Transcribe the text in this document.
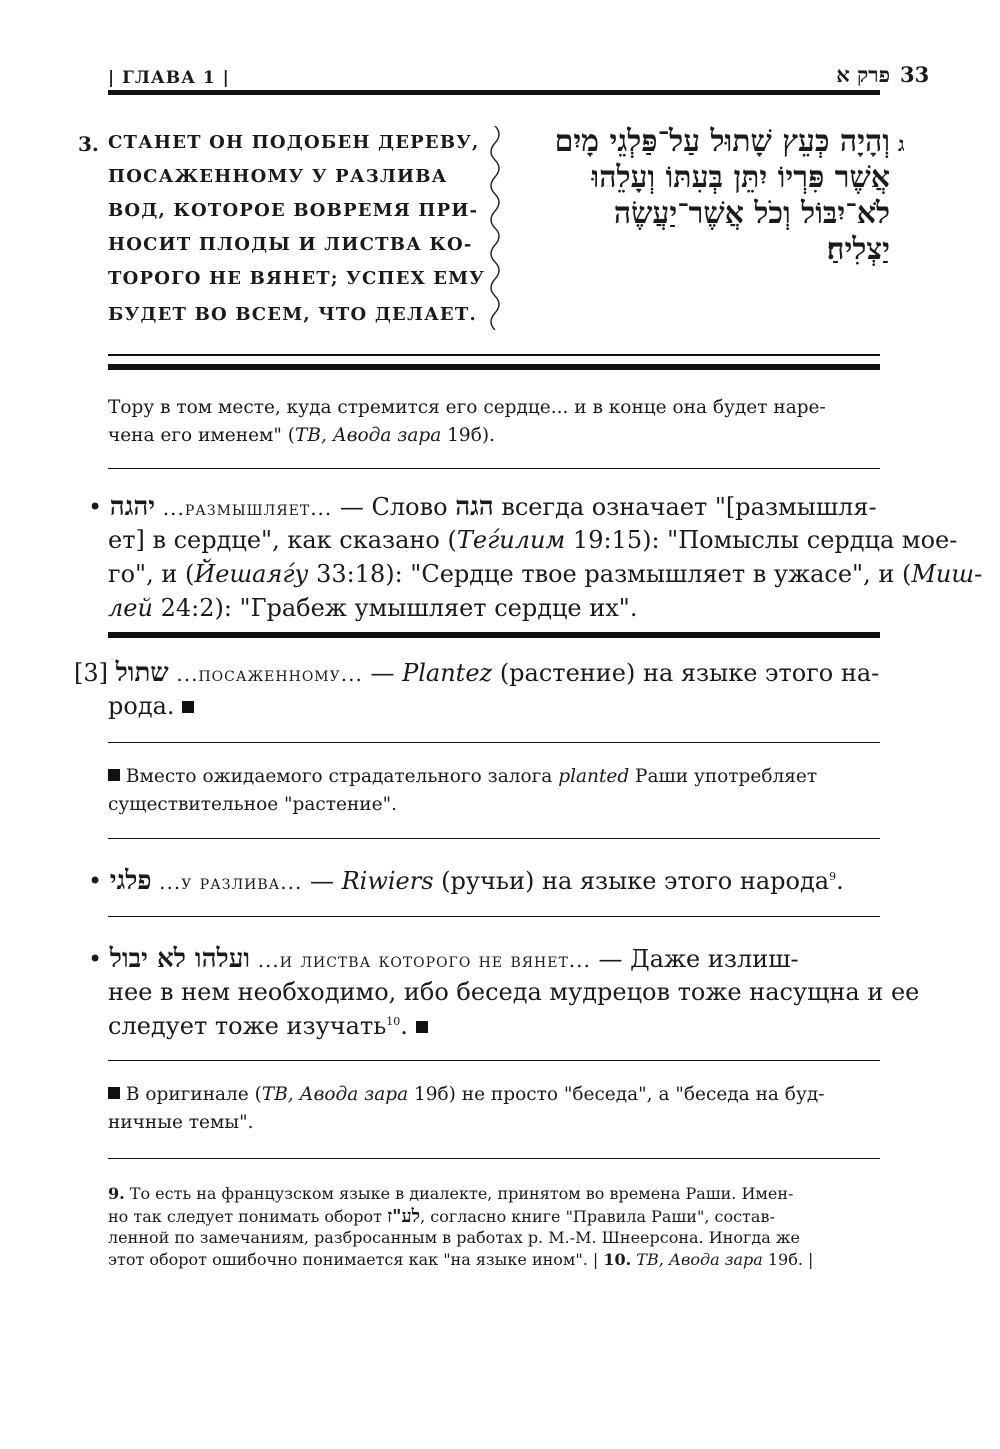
| ГЛАВА 1 |	פרק א 33
3. СТАНЕТ ОН ПОДОБЕН ДЕРЕВУ,
ПОСАЖЕННОМУ У РАЗЛИВА
ВОД, КОТОРОЕ ВОВРЕМЯ ПРИ-
НОСИТ ПЛОДЫ И ЛИСТВА КО-
ТОРОГО НЕ ВЯНЕТ; УСПЕХ ЕМУ
БУДЕТ ВО ВСЕМ, ЧТО ДЕЛАЕТ.
ג
וְהָיָה כְּעֵץ שָׁתוּל עַל־פַּלְגֵי מָיִם
אֲשֶׁר פִּרְיוֹ יִתֵּן בְּעִתּוֹ וְעָלֵהוּ
לֹא־יִבּוֹל וְכֹל אֲשֶׁר־יַעֲשֶׂה
יַצְלִיחַ׃
Тору в том месте, куда стремится его сердце... и в конце она будет наре-
чена его именем" (ТВ, Авода зара 19б).
• יהגה ...размышляет... — Слово הגה всегда означает "[размышля-
ет] в сердце", как сказано (Теѓилим 19:15): "Помыслы сердца мое-
го", и (Йешаяѓу 33:18): "Сердце твое размышляет в ужасе", и (Миш-
лей 24:2): "Грабеж умышляет сердце их".
[3] שתול ...посаженному... — Plantez (растение) на языке этого на-
рода.
Вместо ожидаемого страдательного залога planted Раши употребляет
существительное "растение".
• פלגי ...у разлива... — Riwiers (ручьи) на языке этого народа$^9$.
• ועלהו לא יבול ...и листва которого не вянет... — Даже излиш-
нее в нем необходимо, ибо беседа мудрецов тоже насущна и ее
следует тоже изучать$^{10}$.
В оригинале (ТВ, Авода зара 19б) не просто "беседа", а "беседа на буд-
ничные темы".
9. То есть на французском языке в диалекте, принятом во времена Раши. Имен-
но так следует понимать оборот לע"ז, согласно книге "Правила Раши", состав-
ленной по замечаниям, разбросанным в работах р. М.-М. Шнеерсона. Иногда же
этот оборот ошибочно понимается как "на языке ином". | 10. ТВ, Авода зара 19б. |
